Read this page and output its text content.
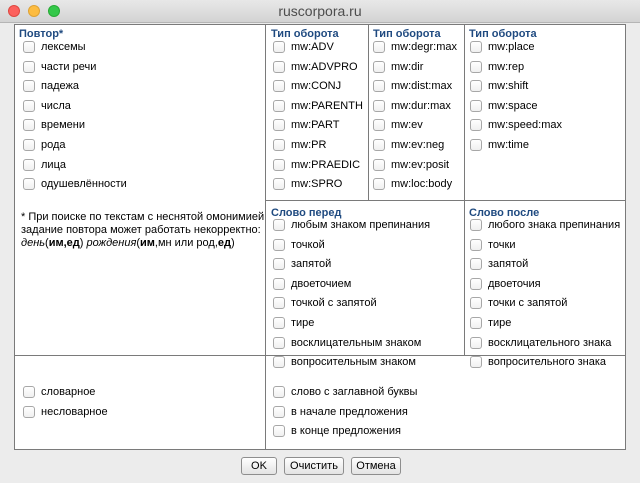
ruscorpora.ru
Повтор*	Тип оборота	Тип оборота	Тип оборота
* При поиске по текстам с неснятой омонимией задание повтора может работать некорректно: день(им,ед) рождения(им,мн или род,ед)
Слово перед	Слово после
лексемы
части речи
падежа
числа
времени
рода
лица
одушевлённости
mw:ADV
mw:ADVPRO
mw:CONJ
mw:PARENTH
mw:PART
mw:PR
mw:PRAEDIC
mw:SPRO
mw:degr:max
mw:dir
mw:dist:max
mw:dur:max
mw:ev
mw:ev:neg
mw:ev:posit
mw:loc:body
mw:place
mw:rep
mw:shift
mw:space
mw:speed:max
mw:time
любым знаком препинания
точкой
запятой
двоеточием
точкой с запятой
тире
восклицательным знаком
вопросительным знаком
любого знака препинания
точки
запятой
двоеточия
точки с запятой
тире
восклицательного знака
вопросительного знака
словарное
несловарное
слово с заглавной буквы
в начале предложения
в конце предложения
OK	Очистить	Отмена
